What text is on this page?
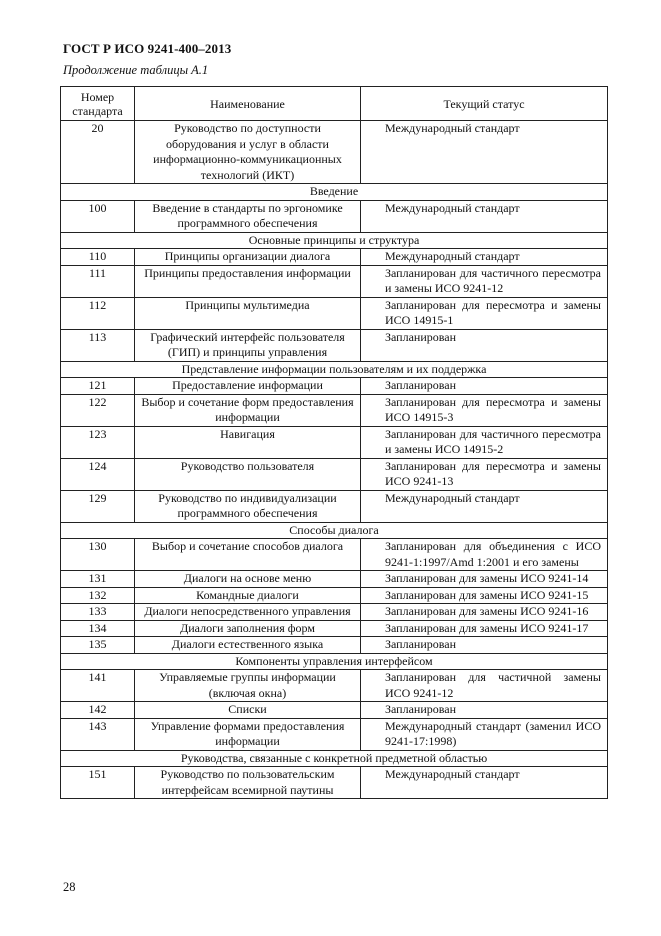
ГОСТ Р ИСО 9241-400–2013
Продолжение таблицы А.1
Номер стандарта	Наименование	Текущий статус
20	Руководство по доступности оборудования и услуг в области информационно-коммуникационных технологий (ИКТ)	Международный стандарт
Введение		
100	Введение в стандарты по эргономике программного обеспечения	Международный стандарт
Основные принципы и структура		
110	Принципы организации диалога	Международный стандарт
111	Принципы предоставления информации	Запланирован для частичного пересмотра и замены ИСО 9241-12
112	Принципы мультимедиа	Запланирован для пересмотра и замены ИСО 14915-1
113	Графический интерфейс пользователя (ГИП) и принципы управления	Запланирован
Представление информации пользователям и их поддержка		
121	Предоставление информации	Запланирован
122	Выбор и сочетание форм предоставления информации	Запланирован для пересмотра и замены ИСО 14915-3
123	Навигация	Запланирован для частичного пересмотра и замены ИСО 14915-2
124	Руководство пользователя	Запланирован для пересмотра и замены ИСО 9241-13
129	Руководство по индивидуализации программного обеспечения	Международный стандарт
Способы диалога		
130	Выбор и сочетание способов диалога	Запланирован для объединения с ИСО 9241-1:1997/Amd 1:2001 и его замены
131	Диалоги на основе меню	Запланирован для замены ИСО 9241-14
132	Командные диалоги	Запланирован для замены ИСО 9241-15
133	Диалоги непосредственного управления	Запланирован для замены ИСО 9241-16
134	Диалоги заполнения форм	Запланирован для замены ИСО 9241-17
135	Диалоги естественного языка	Запланирован
Компоненты управления интерфейсом		
141	Управляемые группы информации (включая окна)	Запланирован для частичной замены ИСО 9241-12
142	Списки	Запланирован
143	Управление формами предоставления информации	Международный стандарт (заменил ИСО 9241-17:1998)
Руководства, связанные с конкретной предметной областью		
151	Руководство по пользовательским интерфейсам всемирной паутины	Международный стандарт
28
